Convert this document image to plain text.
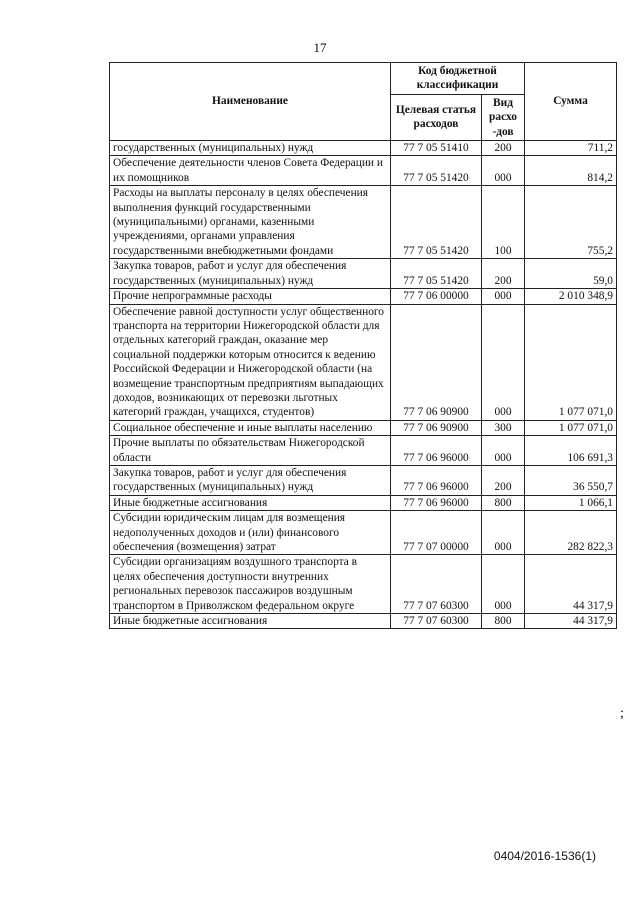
17
Наименование	Код бюджетной классификации		Сумма
	Целевая статья расходов	Вид расхо -дов	
государственных (муниципальных) нужд	77 7 05 51410	200	711,2
Обеспечение деятельности членов Совета Федерации и их помощников	77 7 05 51420	000	814,2
Расходы на выплаты персоналу в целях обеспечения выполнения функций государственными (муниципальными) органами, казенными учреждениями, органами управления государственными внебюджетными фондами	77 7 05 51420	100	755,2
Закупка товаров, работ и услуг для обеспечения государственных (муниципальных) нужд	77 7 05 51420	200	59,0
Прочие непрограммные расходы	77 7 06 00000	000	2 010 348,9
Обеспечение равной доступности услуг общественного транспорта на территории Нижегородской области для отдельных категорий граждан, оказание мер социальной поддержки которым относится к ведению Российской Федерации и Нижегородской области (на возмещение транспортным предприятиям выпадающих доходов, возникающих от перевозки льготных категорий граждан, учащихся, студентов)	77 7 06 90900	000	1 077 071,0
Социальное обеспечение и иные выплаты населению	77 7 06 90900	300	1 077 071,0
Прочие выплаты по обязательствам Нижегородской области	77 7 06 96000	000	106 691,3
Закупка товаров, работ и услуг для обеспечения государственных (муниципальных) нужд	77 7 06 96000	200	36 550,7
Иные бюджетные ассигнования	77 7 06 96000	800	1 066,1
Субсидии юридическим лицам для возмещения недополученных доходов и (или) финансового обеспечения (возмещения) затрат	77 7 07 00000	000	282 822,3
Субсидии организациям воздушного транспорта в целях обеспечения доступности внутренних региональных перевозок пассажиров воздушным транспортом в Приволжском федеральном округе	77 7 07 60300	000	44 317,9
Иные бюджетные ассигнования	77 7 07 60300	800	44 317,9
;
0404/2016-1536(1)
